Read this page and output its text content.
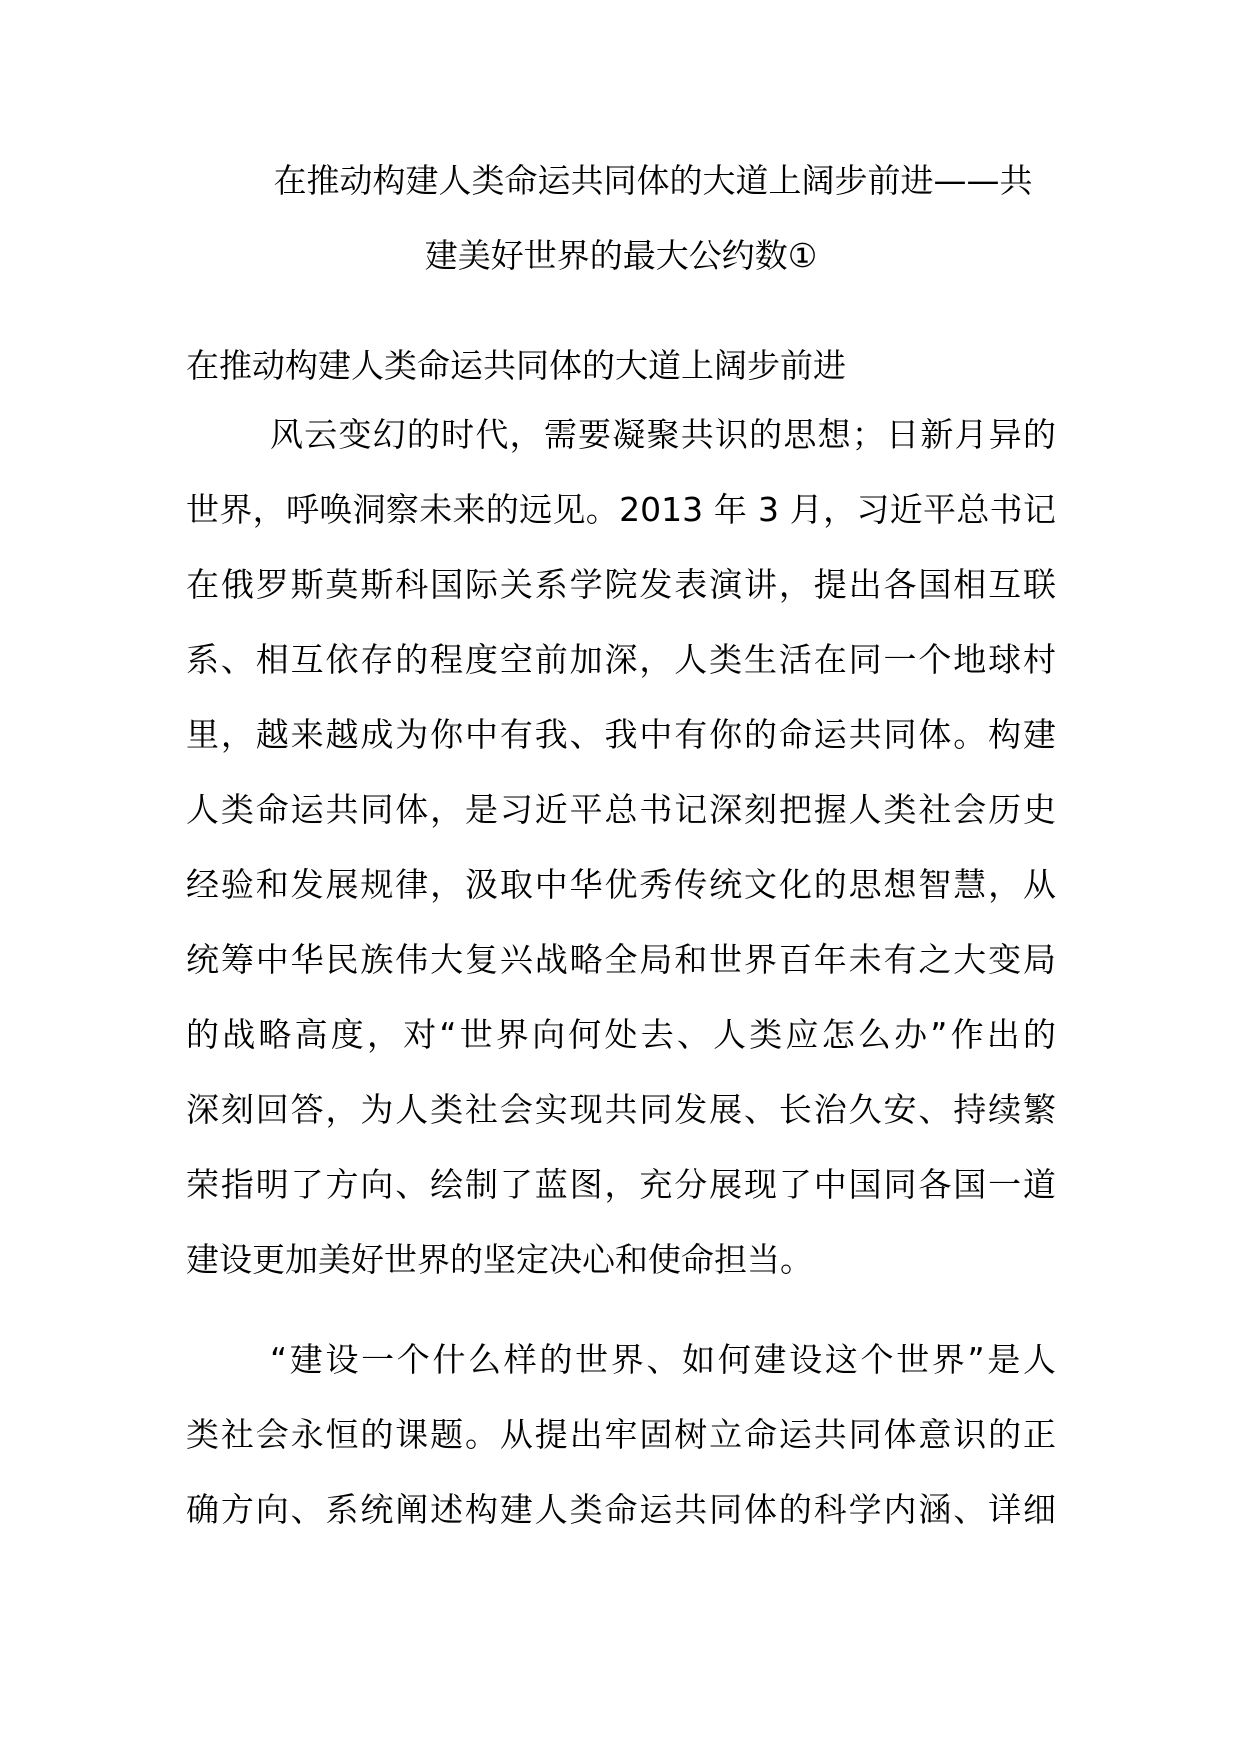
在推动构建人类命运共同体的大道上阔步前进——共
建美好世界的最大公约数①
在推动构建人类命运共同体的大道上阔步前进
风云变幻的时代，需要凝聚共识的思想；日新月异的
世界，呼唤洞察未来的远见。2013 年 3 月，习近平总书记
在俄罗斯莫斯科国际关系学院发表演讲，提出各国相互联
系、相互依存的程度空前加深，人类生活在同一个地球村
里，越来越成为你中有我、我中有你的命运共同体。构建
人类命运共同体，是习近平总书记深刻把握人类社会历史
经验和发展规律，汲取中华优秀传统文化的思想智慧，从
统筹中华民族伟大复兴战略全局和世界百年未有之大变局
的战略高度，对“世界向何处去、人类应怎么办”作出的
深刻回答，为人类社会实现共同发展、长治久安、持续繁
荣指明了方向、绘制了蓝图，充分展现了中国同各国一道
建设更加美好世界的坚定决心和使命担当。
“建设一个什么样的世界、如何建设这个世界”是人
类社会永恒的课题。从提出牢固树立命运共同体意识的正
确方向、系统阐述构建人类命运共同体的科学内涵、详细
